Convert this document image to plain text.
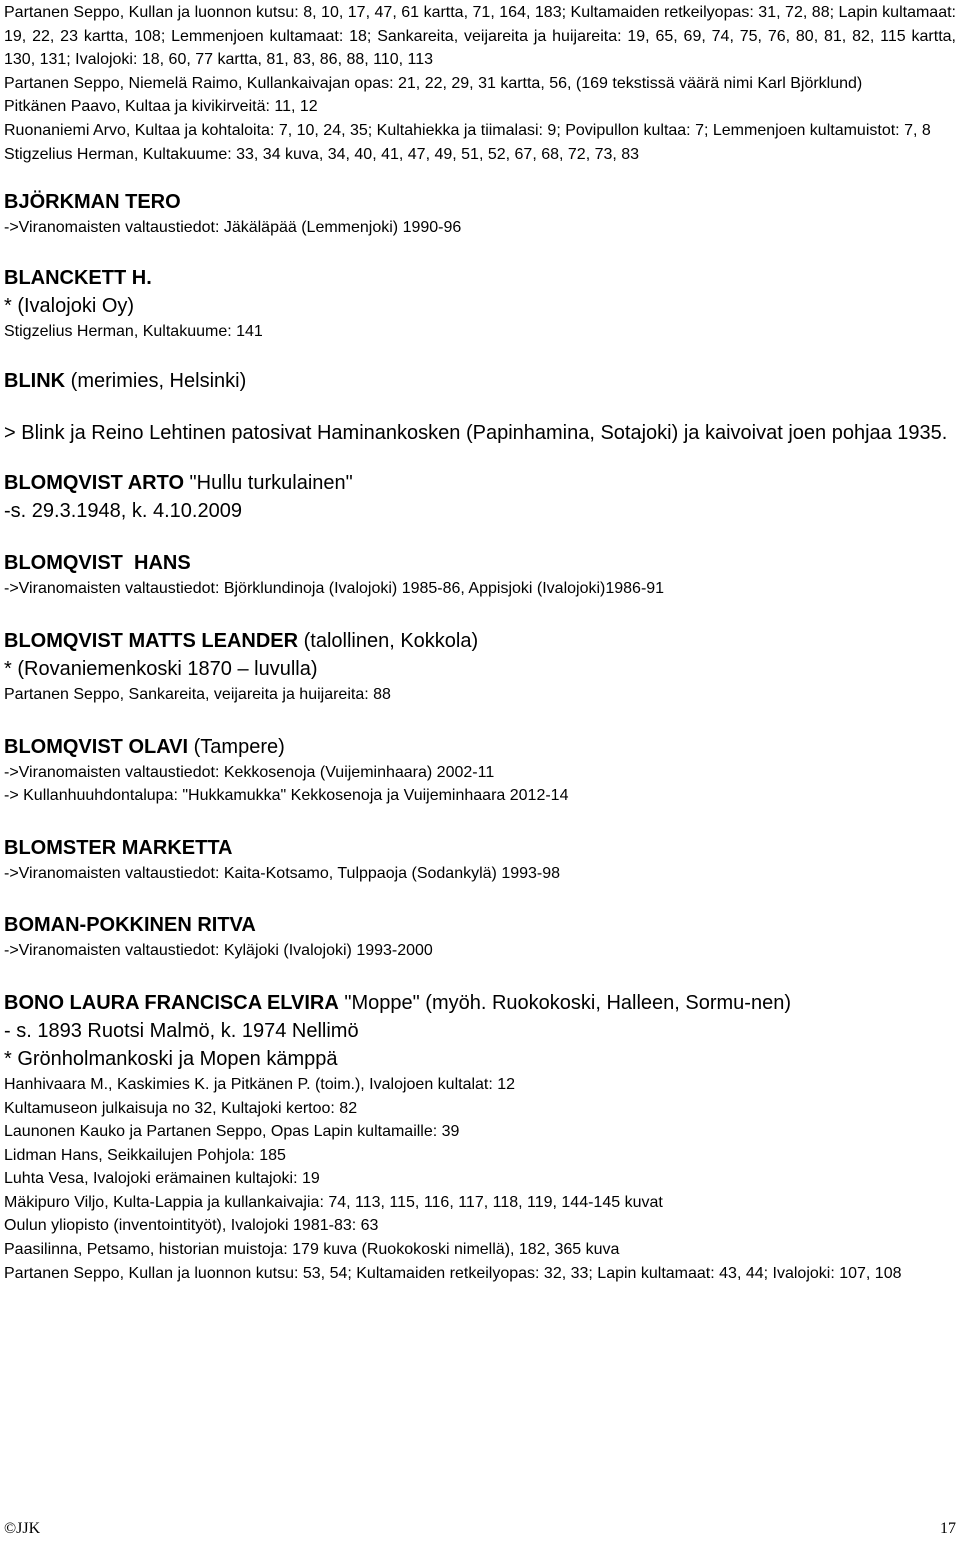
Partanen Seppo, Kullan ja luonnon kutsu: 8, 10, 17, 47, 61 kartta, 71, 164, 183; Kultamaiden retkeilyopas: 31, 72, 88; Lapin kultamaat: 19, 22, 23 kartta, 108; Lemmenjoen kultamaat: 18; Sankareita, veijareita ja huijareita: 19, 65, 69, 74, 75, 76, 80, 81, 82, 115 kartta, 130, 131; Ivalojoki: 18, 60, 77 kartta, 81, 83, 86, 88, 110, 113

Partanen Seppo, Niemelä Raimo, Kullankaivajan opas: 21, 22, 29, 31 kartta, 56, (169 tekstissä väärä nimi Karl Björklund)

Pitkänen Paavo, Kultaa ja kivikirveitä: 11, 12

Ruonaniemi Arvo, Kultaa ja kohtaloita: 7, 10, 24, 35; Kultahiekka ja tiimalasi: 9; Povipullon kultaa: 7; Lemmenjoen kultamuistot: 7, 8

Stigzelius Herman, Kultakuume: 33, 34 kuva, 34, 40, 41, 47, 49, 51, 52, 67, 68, 72, 73, 83

BJÖRKMAN TERO

->Viranomaisten valtaustiedot: Jäkäläpää (Lemmenjoki) 1990-96

BLANCKETT H.

* (Ivalojoki Oy)

Stigzelius Herman, Kultakuume: 141

BLINK (merimies, Helsinki)

> Blink ja Reino Lehtinen patosivat Haminankosken (Papinhamina, Sotajoki) ja kaivoivat joen pohjaa 1935.

BLOMQVIST ARTO "Hullu turkulainen"

-s. 29.3.1948, k. 4.10.2009

BLOMQVIST  HANS

->Viranomaisten valtaustiedot: Björklundinoja (Ivalojoki) 1985-86, Appisjoki (Ivalojoki)1986-91

BLOMQVIST MATTS LEANDER (talollinen, Kokkola)

* (Rovaniemenkoski 1870 – luvulla)

Partanen Seppo, Sankareita, veijareita ja huijareita: 88

BLOMQVIST OLAVI (Tampere)

->Viranomaisten valtaustiedot: Kekkosenoja (Vuijeminhaara) 2002-11

-> Kullanhuuhdontalupa: "Hukkamukka" Kekkosenoja ja Vuijeminhaara 2012-14

BLOMSTER MARKETTA

->Viranomaisten valtaustiedot: Kaita-Kotsamo, Tulppaoja (Sodankylä) 1993-98

BOMAN-POKKINEN RITVA

->Viranomaisten valtaustiedot: Kyläjoki (Ivalojoki) 1993-2000

BONO LAURA FRANCISCA ELVIRA "Moppe" (myöh. Ruokokoski, Halleen, Sormu-nen)

- s. 1893 Ruotsi Malmö, k. 1974 Nellimö

* Grönholmankoski ja Mopen kämppä

Hanhivaara M., Kaskimies K. ja Pitkänen P. (toim.), Ivalojoen kultalat: 12

Kultamuseon julkaisuja no 32, Kultajoki kertoo: 82

Launonen Kauko ja Partanen Seppo, Opas Lapin kultamaille: 39

Lidman Hans, Seikkailujen Pohjola: 185

Luhta Vesa, Ivalojoki erämainen kultajoki: 19

Mäkipuro Viljo, Kulta-Lappia ja kullankaivajia: 74, 113, 115, 116, 117, 118, 119, 144-145 kuvat

Oulun yliopisto (inventointityöt), Ivalojoki 1981-83: 63

Paasilinna, Petsamo, historian muistoja: 179 kuva (Ruokokoski nimellä), 182, 365 kuva

Partanen Seppo, Kullan ja luonnon kutsu: 53, 54; Kultamaiden retkeilyopas: 32, 33; Lapin kultamaat: 43, 44; Ivalojoki: 107, 108

©JJK	17
